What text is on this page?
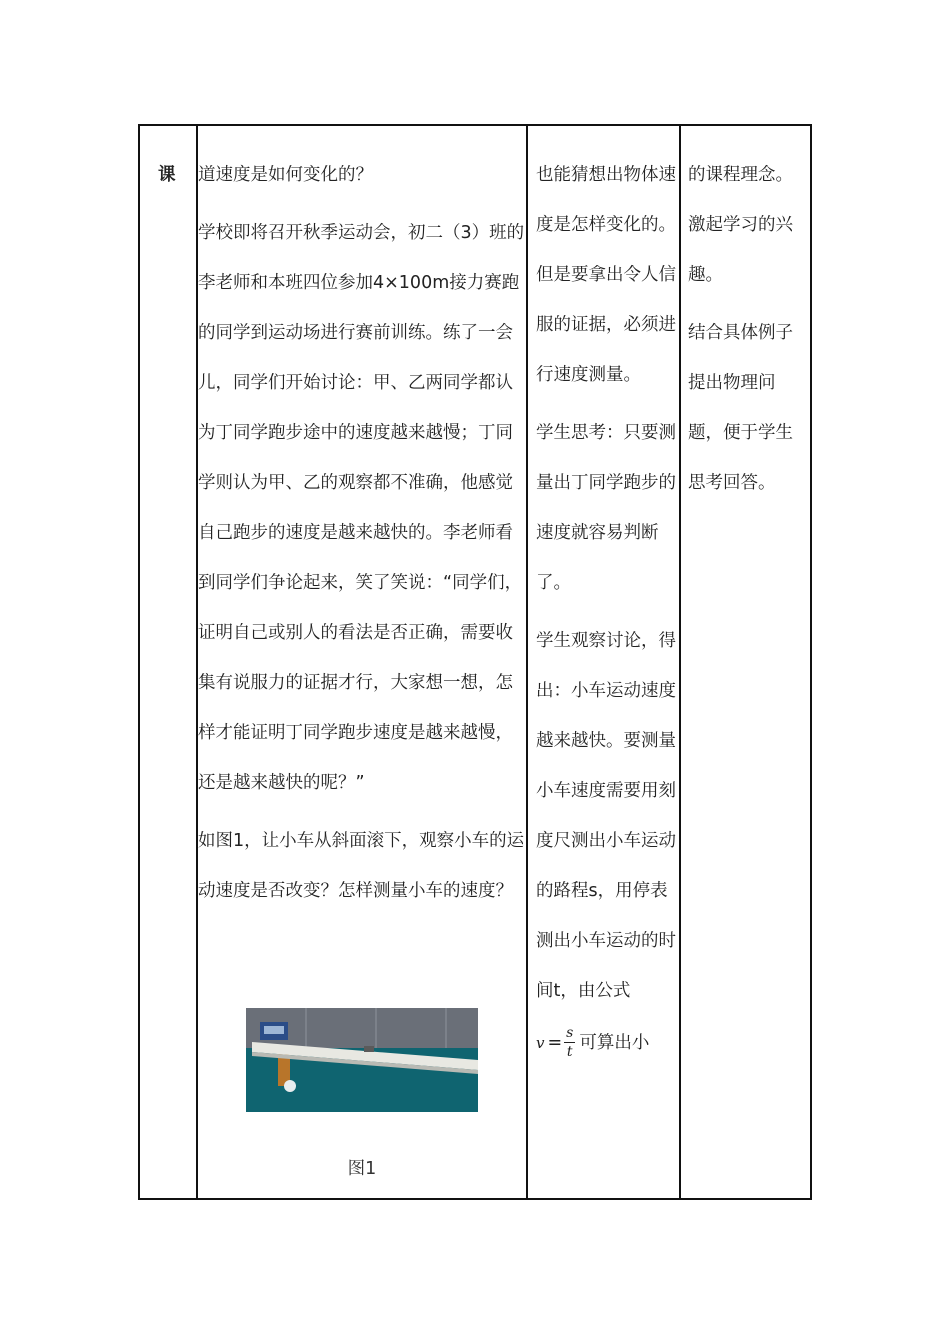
课	道速度是如何变化的？

学校即将召开秋季运动会，初二（3）班的李老师和本班四位参加4×100m接力赛跑的同学到运动场进行赛前训练。练了一会儿，同学们开始讨论：甲、乙两同学都认为丁同学跑步途中的速度越来越慢；丁同学则认为甲、乙的观察都不准确，他感觉自己跑步的速度是越来越快的。李老师看到同学们争论起来，笑了笑说：“同学们，证明自己或别人的看法是否正确，需要收集有说服力的证据才行，大家想一想，怎样才能证明丁同学跑步速度是越来越慢，还是越来越快的呢？”

如图1，让小车从斜面滚下，观察小车的运动速度是否改变？怎样测量小车的速度？

图1

也能猜想出物体速度是怎样变化的。但是要拿出令人信服的证据，必须进行速度测量。

学生思考：只要测量出丁同学跑步的速度就容易判断了。

学生观察讨论，得出：小车运动速度越来越快。要测量小车速度需要用刻度尺测出小车运动的路程s，用停表测出小车运动的时间t，由公式

$v = \frac{s}{t}$ 可算出小

的课程理念。激起学习的兴趣。

结合具体例子提出物理问题，便于学生思考回答。
